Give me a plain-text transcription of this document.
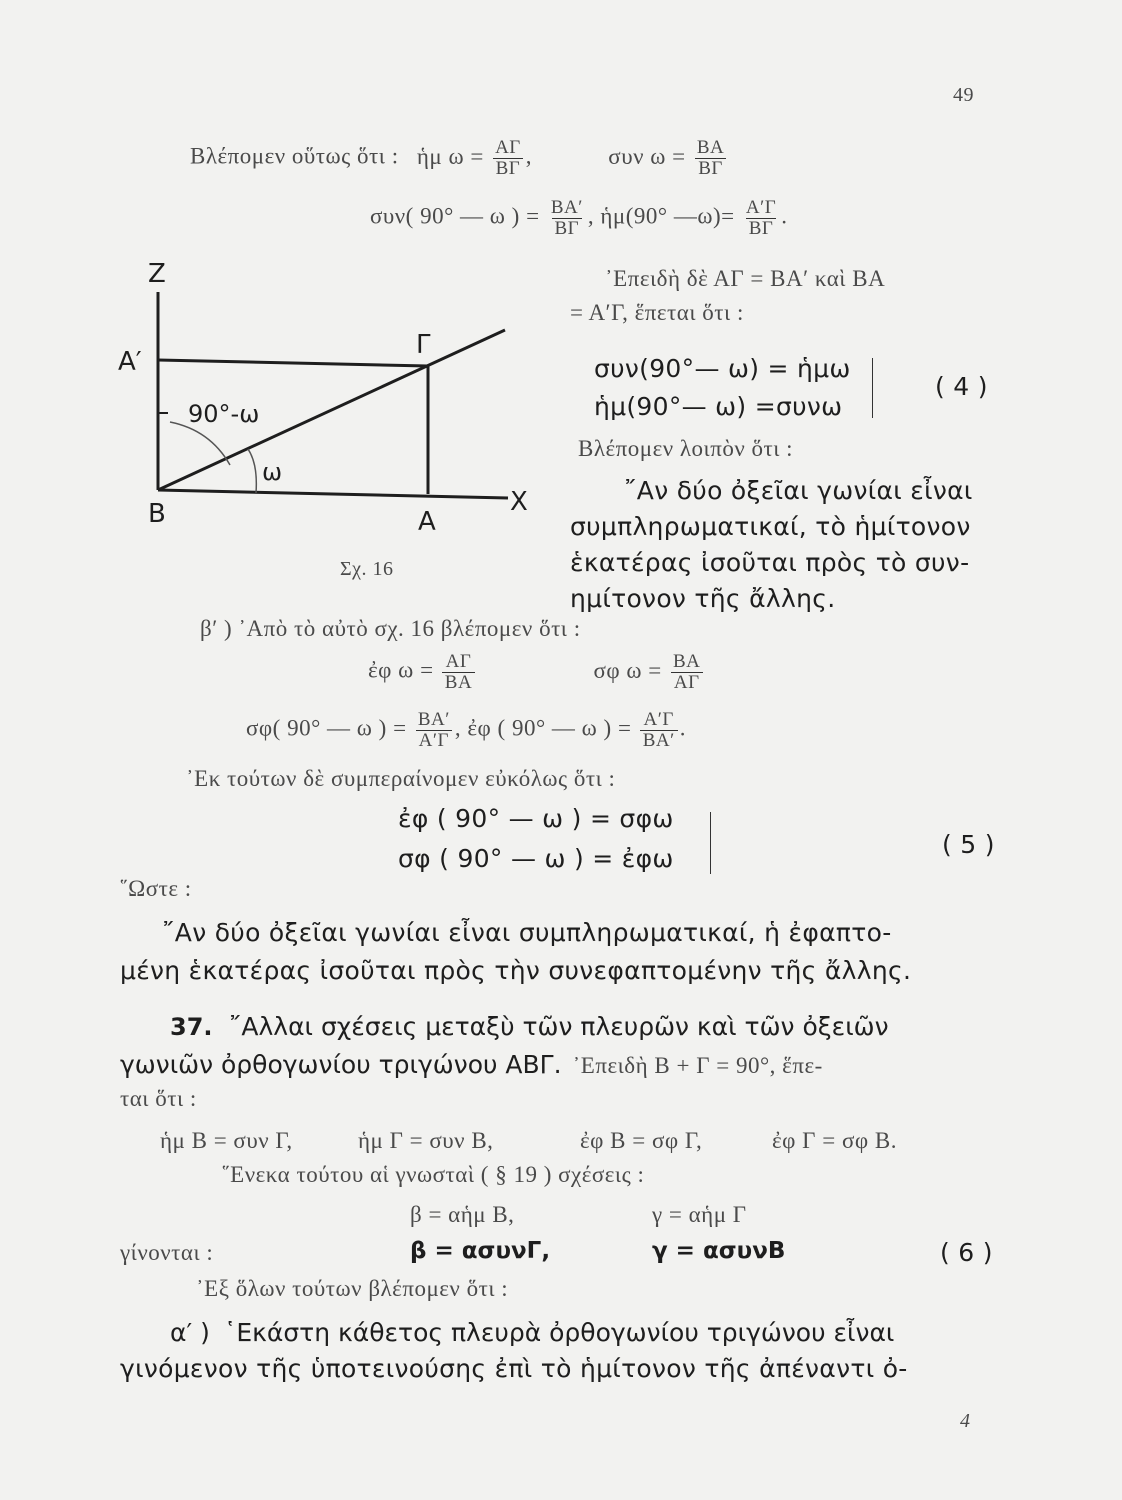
49
Βλέπομεν οὕτως ὅτι : ἡμ $\omega = \frac{A\Gamma}{B\Gamma}$ ,	συν $\omega = \frac{BA}{B\Gamma}$
συν( 90° — ω ) = $\frac{BA'}{B\Gamma}$ , ἡμ(90° —ω)= $\frac{A'\Gamma}{B\Gamma}$ .
᾽Επειδὴ δὲ ΑΓ = ΒΑ′ καὶ ΒΑ
= Α′Γ, ἕπεται ὅτι :
συν(90°— ω) = ἡμω
ἡμ(90°— ω) =συνω
( 4 )
Βλέπομεν λοιπὸν ὅτι :
῎Αν δύο ὀξεῖαι γωνίαι εἶναι
συμπληρωματικαί, τὸ ἡμίτονον
ἑκατέρας ἰσοῦται πρὸς τὸ συν-
ημίτονον τῆς ἄλλης.
Z
Α′
Γ
90°-ω
ω
Β	Α
X
Σχ. 16
β′ ) ᾽Απὸ τὸ αὐτὸ σχ. 16 βλέπομεν ὅτι :
ἐφ $\omega = \frac{A\Gamma}{BA}$	σφ $\omega = \frac{BA}{A\Gamma}$
σφ( 90° — ω ) = $\frac{BA'}{A'\Gamma}$ , ἐφ ( 90° — ω ) = $\frac{A'\Gamma}{BA'}$ .
᾽Εκ τούτων δὲ συμπεραίνομεν εὐκόλως ὅτι :
ἐφ ( 90° — ω ) = σφω
σφ ( 90° — ω ) = ἐφω	( 5 )
῞Ωστε :
῎Αν δύο ὀξεῖαι γωνίαι εἶναι συμπληρωματικαί, ἡ ἐφαπτο-
μένη ἑκατέρας ἰσοῦται πρὸς τὴν συνεφαπτομένην τῆς ἄλλης.
37. ῎Αλλαι σχέσεις μεταξὺ τῶν πλευρῶν καὶ τῶν ὀξειῶν
γωνιῶν ὀρθογωνίου τριγώνου ΑΒΓ. ᾽Επειδὴ Β + Γ = 90°, ἕπε-
ται ὅτι :
ἡμ Β = συν Γ,	ἡμ Γ = συν Β,	ἐφ Β = σφ Γ,	ἐφ Γ = σφ Β.
῞Ενεκα τούτου αἱ γνωσταὶ ( § 19 ) σχέσεις :
β = αἡμ Β,	γ = αἡμ Γ
γίνονται :	β = ασυνΓ,	γ = ασυνΒ	( 6 )
᾽Εξ ὅλων τούτων βλέπομεν ὅτι :
α′ ) ῾Εκάστη κάθετος πλευρὰ ὀρθογωνίου τριγώνου εἶναι
γινόμενον τῆς ὑποτεινούσης ἐπὶ τὸ ἡμίτονον τῆς ἀπέναντι ὀ-
4
